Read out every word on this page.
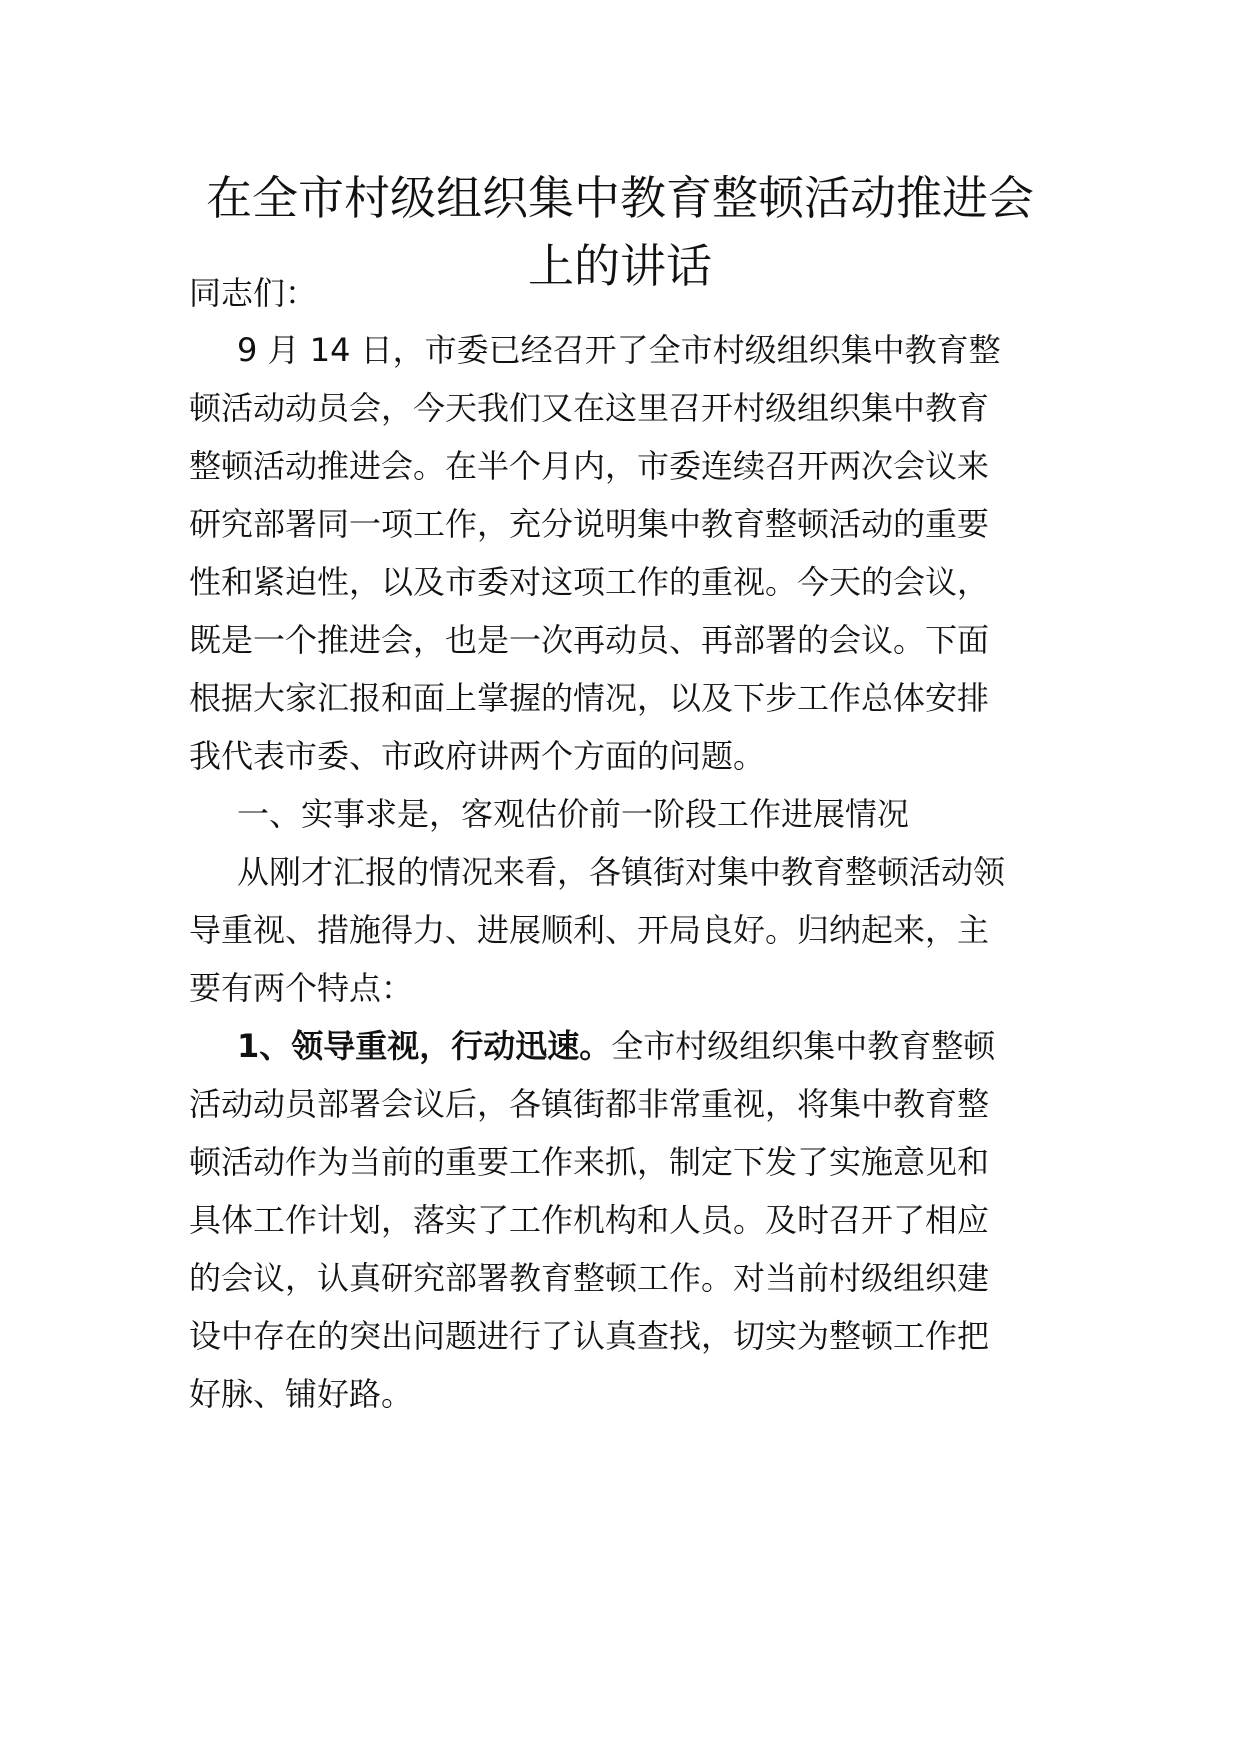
在全市村级组织集中教育整顿活动推进会
上的讲话

同志们：

9 月 14 日，市委已经召开了全市村级组织集中教育整

顿活动动员会，今天我们又在这里召开村级组织集中教育

整顿活动推进会。在半个月内，市委连续召开两次会议来

研究部署同一项工作，充分说明集中教育整顿活动的重要

性和紧迫性，以及市委对这项工作的重视。今天的会议，

既是一个推进会，也是一次再动员、再部署的会议。下面

根据大家汇报和面上掌握的情况，以及下步工作总体安排

我代表市委、市政府讲两个方面的问题。

一、实事求是，客观估价前一阶段工作进展情况

从刚才汇报的情况来看，各镇街对集中教育整顿活动领

导重视、措施得力、进展顺利、开局良好。归纳起来，主

要有两个特点：

1、领导重视，行动迅速。全市村级组织集中教育整顿

活动动员部署会议后，各镇街都非常重视，将集中教育整

顿活动作为当前的重要工作来抓，制定下发了实施意见和

具体工作计划，落实了工作机构和人员。及时召开了相应

的会议，认真研究部署教育整顿工作。对当前村级组织建

设中存在的突出问题进行了认真查找，切实为整顿工作把

好脉、铺好路。
